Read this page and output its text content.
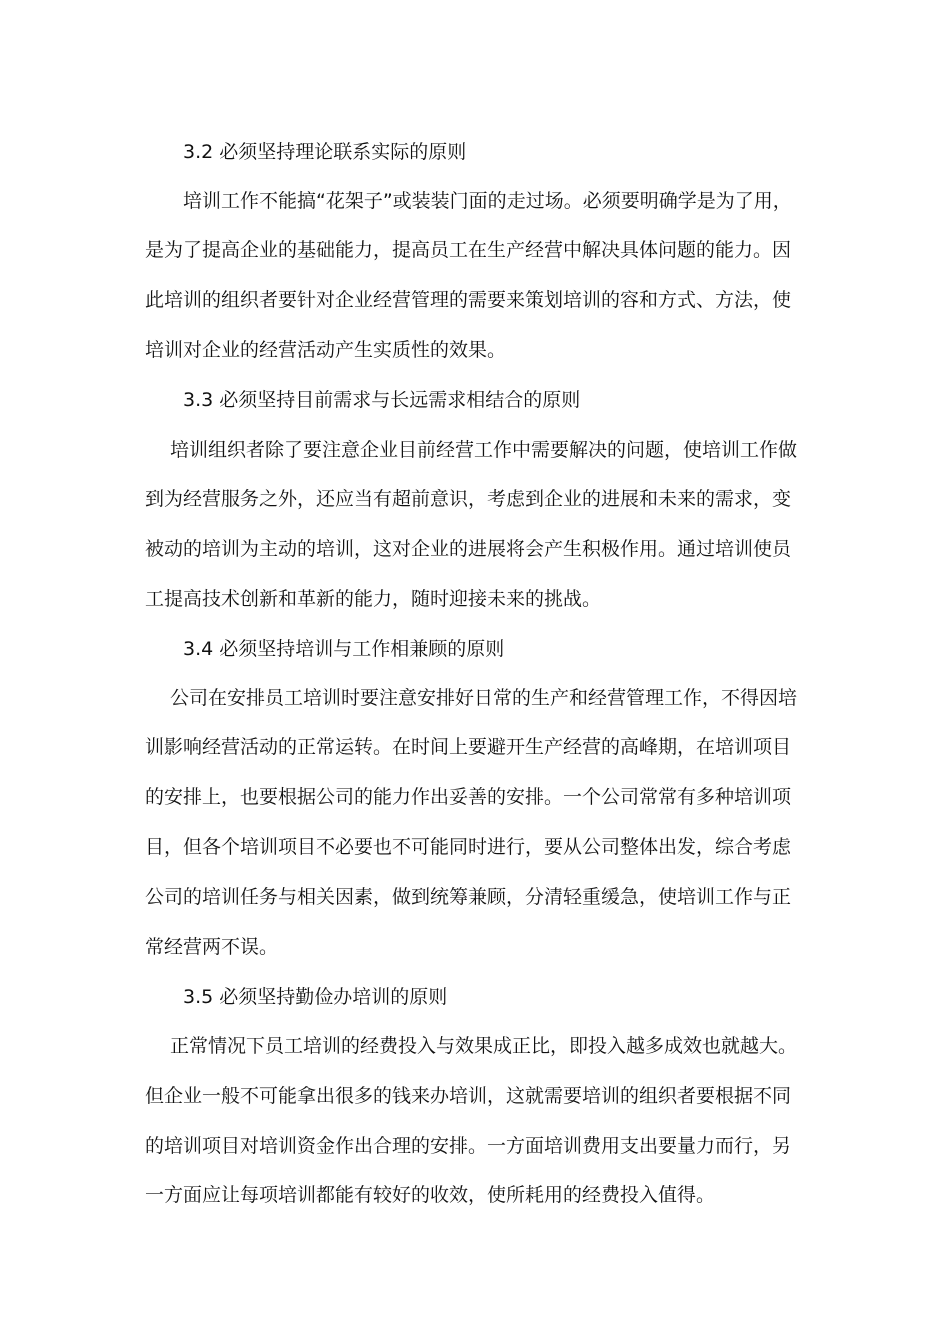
3.2 必须坚持理论联系实际的原则
培训工作不能搞“花架子”或装装门面的走过场。必须要明确学是为了用，
是为了提高企业的基础能力，提高员工在生产经营中解决具体问题的能力。因
此培训的组织者要针对企业经营管理的需要来策划培训的容和方式、方法，使
培训对企业的经营活动产生实质性的效果。
3.3 必须坚持目前需求与长远需求相结合的原则
培训组织者除了要注意企业目前经营工作中需要解决的问题，使培训工作做
到为经营服务之外，还应当有超前意识，考虑到企业的进展和未来的需求，变
被动的培训为主动的培训，这对企业的进展将会产生积极作用。通过培训使员
工提高技术创新和革新的能力，随时迎接未来的挑战。
3.4 必须坚持培训与工作相兼顾的原则
公司在安排员工培训时要注意安排好日常的生产和经营管理工作，不得因培
训影响经营活动的正常运转。在时间上要避开生产经营的高峰期，在培训项目
的安排上，也要根据公司的能力作出妥善的安排。一个公司常常有多种培训项
目，但各个培训项目不必要也不可能同时进行，要从公司整体出发，综合考虑
公司的培训任务与相关因素，做到统筹兼顾，分清轻重缓急，使培训工作与正
常经营两不误。
3.5 必须坚持勤俭办培训的原则
正常情况下员工培训的经费投入与效果成正比，即投入越多成效也就越大。
但企业一般不可能拿出很多的钱来办培训，这就需要培训的组织者要根据不同
的培训项目对培训资金作出合理的安排。一方面培训费用支出要量力而行，另
一方面应让每项培训都能有较好的收效，使所耗用的经费投入值得。
